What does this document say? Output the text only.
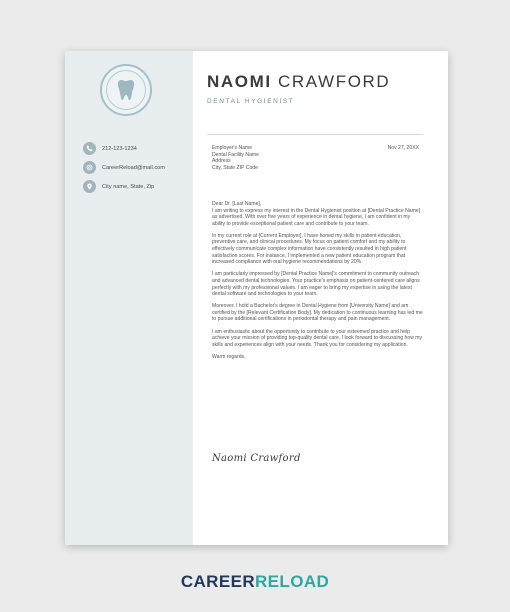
212-123-1234
CareerReload@mail.com
City name, State, Zip
NAOMI CRAWFORD
DENTAL HYGIENIST
Employer's Name
Dental Facility Name
Address
City, State ZIP Code
Nov 27, 20XX
Dear Dr. [Last Name],

I am writing to express my interest in the Dental Hygienist position at [Dental Practice Name] as advertised. With over five years of experience in dental hygiene, I am confident in my ability to provide exceptional patient care and contribute to your team.

In my current role at [Current Employer], I have honed my skills in patient education, preventive care, and clinical procedures. My focus on patient comfort and my ability to effectively communicate complex information have consistently resulted in high patient satisfaction scores. For instance, I implemented a new patient education program that increased compliance with oral hygiene recommendations by 20%.

I am particularly impressed by [Dental Practice Name]'s commitment to community outreach and advanced dental technologies. Your practice's emphasis on patient-centered care aligns perfectly with my professional values. I am eager to bring my expertise in using the latest dental software and technologies to your team.

Moreover, I hold a Bachelor's degree in Dental Hygiene from [University Name] and am certified by the [Relevant Certification Body]. My dedication to continuous learning has led me to pursue additional certifications in periodontal therapy and pain management.

I am enthusiastic about the opportunity to contribute to your esteemed practice and help achieve your mission of providing top-quality dental care. I look forward to discussing how my skills and experiences align with your needs. Thank you for considering my application.

Warm regards,
Naomi Crawford
CAREERRELOAD
